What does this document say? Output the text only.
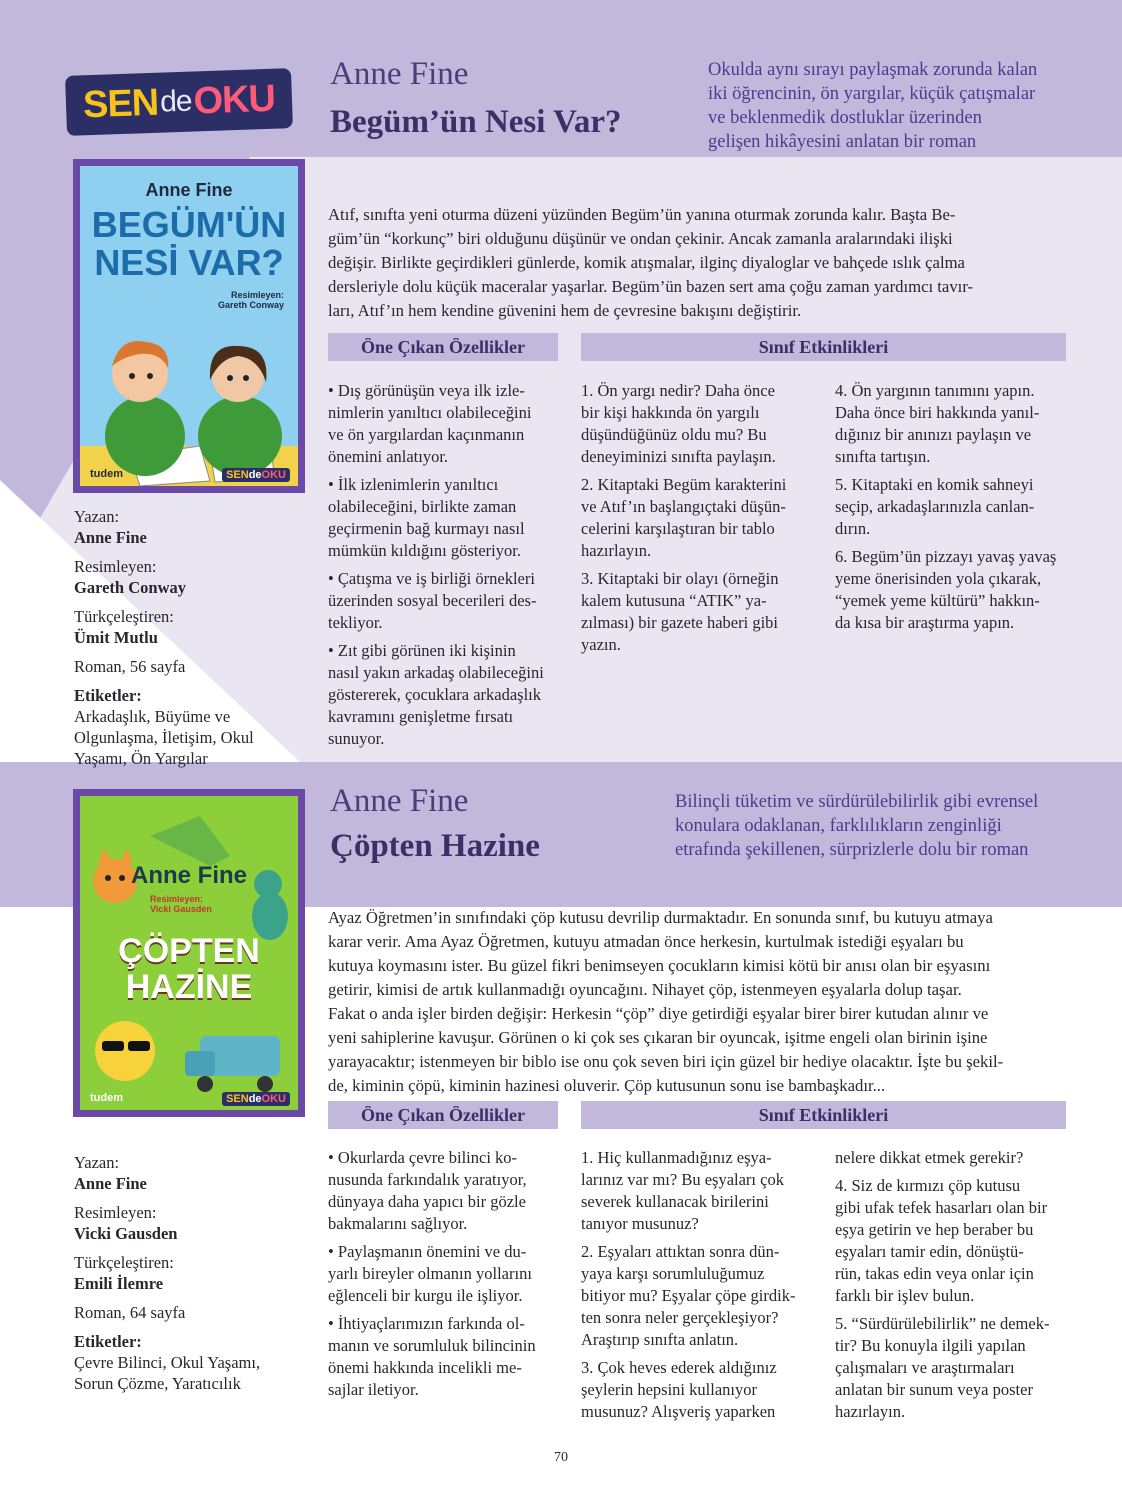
SEN de OKU
Anne Fine
Begüm’ün Nesi Var?
Okulda aynı sırayı paylaşmak zorunda kalan
iki öğrencinin, ön yargılar, küçük çatışmalar
ve beklenmedik dostluklar üzerinden
gelişen hikâyesini anlatan bir roman
Anne Fine
BEGÜM'ÜN
NESİ VAR?
Resimleyen:
Gareth Conway
tudem	SENdeOKU
Atıf, sınıfta yeni oturma düzeni yüzünden Begüm’ün yanına oturmak zorunda kalır. Başta Be-
güm’ün “korkunç” biri olduğunu düşünür ve ondan çekinir. Ancak zamanla aralarındaki ilişki
değişir. Birlikte geçirdikleri günlerde, komik atışmalar, ilginç diyaloglar ve bahçede ıslık çalma
dersleriyle dolu küçük maceralar yaşarlar. Begüm’ün bazen sert ama çoğu zaman yardımcı tavır-
ları, Atıf’ın hem kendine güvenini hem de çevresine bakışını değiştirir.
Öne Çıkan Özellikler	Sınıf Etkinlikleri

• Dış görünüşün veya ilk izle-
nimlerin yanıltıcı olabileceğini
ve ön yargılardan kaçınmanın
önemini anlatıyor.

• İlk izlenimlerin yanıltıcı
olabileceğini, birlikte zaman
geçirmenin bağ kurmayı nasıl
mümkün kıldığını gösteriyor.

• Çatışma ve iş birliği örnekleri
üzerinden sosyal becerileri des-
tekliyor.

• Zıt gibi görünen iki kişinin
nasıl yakın arkadaş olabileceğini
göstererek, çocuklara arkadaşlık
kavramını genişletme fırsatı
sunuyor.

1. Ön yargı nedir? Daha önce
bir kişi hakkında ön yargılı
düşündüğünüz oldu mu? Bu
deneyiminizi sınıfta paylaşın.

2. Kitaptaki Begüm karakterini
ve Atıf’ın başlangıçtaki düşün-
celerini karşılaştıran bir tablo
hazırlayın.

3. Kitaptaki bir olayı (örneğin
kalem kutusuna “ATIK” ya-
zılması) bir gazete haberi gibi
yazın.

4. Ön yargının tanımını yapın.
Daha önce biri hakkında yanıl-
dığınız bir anınızı paylaşın ve
sınıfta tartışın.

5. Kitaptaki en komik sahneyi
seçip, arkadaşlarınızla canlan-
dırın.

6. Begüm’ün pizzayı yavaş yavaş
yeme önerisinden yola çıkarak,
“yemek yeme kültürü” hakkın-
da kısa bir araştırma yapın.

Yazan:
Anne Fine
Resimleyen:
Gareth Conway
Türkçeleştiren:
Ümit Mutlu
Roman, 56 sayfa
Etiketler:
Arkadaşlık, Büyüme ve
Olgunlaşma, İletişim, Okul
Yaşamı, Ön Yargılar
Anne Fine
Çöpten Hazine
Bilinçli tüketim ve sürdürülebilirlik gibi evrensel
konulara odaklanan, farklılıkların zenginliği
etrafında şekillenen, sürprizlerle dolu bir roman
Anne Fine
Resimleyen:
Vicki Gausden
ÇÖPTEN
HAZİNE
tudem	SENdeOKU
Ayaz Öğretmen’in sınıfındaki çöp kutusu devrilip durmaktadır. En sonunda sınıf, bu kutuyu atmaya
karar verir. Ama Ayaz Öğretmen, kutuyu atmadan önce herkesin, kurtulmak istediği eşyaları bu
kutuya koymasını ister. Bu güzel fikri benimseyen çocukların kimisi kötü bir anısı olan bir eşyasını
getirir, kimisi de artık kullanmadığı oyuncağını. Nihayet çöp, istenmeyen eşyalarla dolup taşar.
Fakat o anda işler birden değişir: Herkesin “çöp” diye getirdiği eşyalar birer birer kutudan alınır ve
yeni sahiplerine kavuşur. Görünen o ki çok ses çıkaran bir oyuncak, işitme engeli olan birinin işine
yarayacaktır; istenmeyen bir biblo ise onu çok seven biri için güzel bir hediye olacaktır. İşte bu şekil-
de, kiminin çöpü, kiminin hazinesi oluverir. Çöp kutusunun sonu ise bambaşkadır...
Öne Çıkan Özellikler	Sınıf Etkinlikleri

• Okurlarda çevre bilinci ko-
nusunda farkındalık yaratıyor,
dünyaya daha yapıcı bir gözle
bakmalarını sağlıyor.

• Paylaşmanın önemini ve du-
yarlı bireyler olmanın yollarını
eğlenceli bir kurgu ile işliyor.

• İhtiyaçlarımızın farkında ol-
manın ve sorumluluk bilincinin
önemi hakkında incelikli me-
sajlar iletiyor.

1. Hiç kullanmadığınız eşya-
larınız var mı? Bu eşyaları çok
severek kullanacak birilerini
tanıyor musunuz?

2. Eşyaları attıktan sonra dün-
yaya karşı sorumluluğumuz
bitiyor mu? Eşyalar çöpe girdik-
ten sonra neler gerçekleşiyor?
Araştırıp sınıfta anlatın.

3. Çok heves ederek aldığınız
şeylerin hepsini kullanıyor
musunuz? Alışveriş yaparken

nelere dikkat etmek gerekir?

4. Siz de kırmızı çöp kutusu
gibi ufak tefek hasarları olan bir
eşya getirin ve hep beraber bu
eşyaları tamir edin, dönüştü-
rün, takas edin veya onlar için
farklı bir işlev bulun.

5. “Sürdürülebilirlik” ne demek-
tir? Bu konuyla ilgili yapılan
çalışmaları ve araştırmaları
anlatan bir sunum veya poster
hazırlayın.

Yazan:
Anne Fine
Resimleyen:
Vicki Gausden
Türkçeleştiren:
Emili İlemre
Roman, 64 sayfa
Etiketler:
Çevre Bilinci, Okul Yaşamı,
Sorun Çözme, Yaratıcılık
70
